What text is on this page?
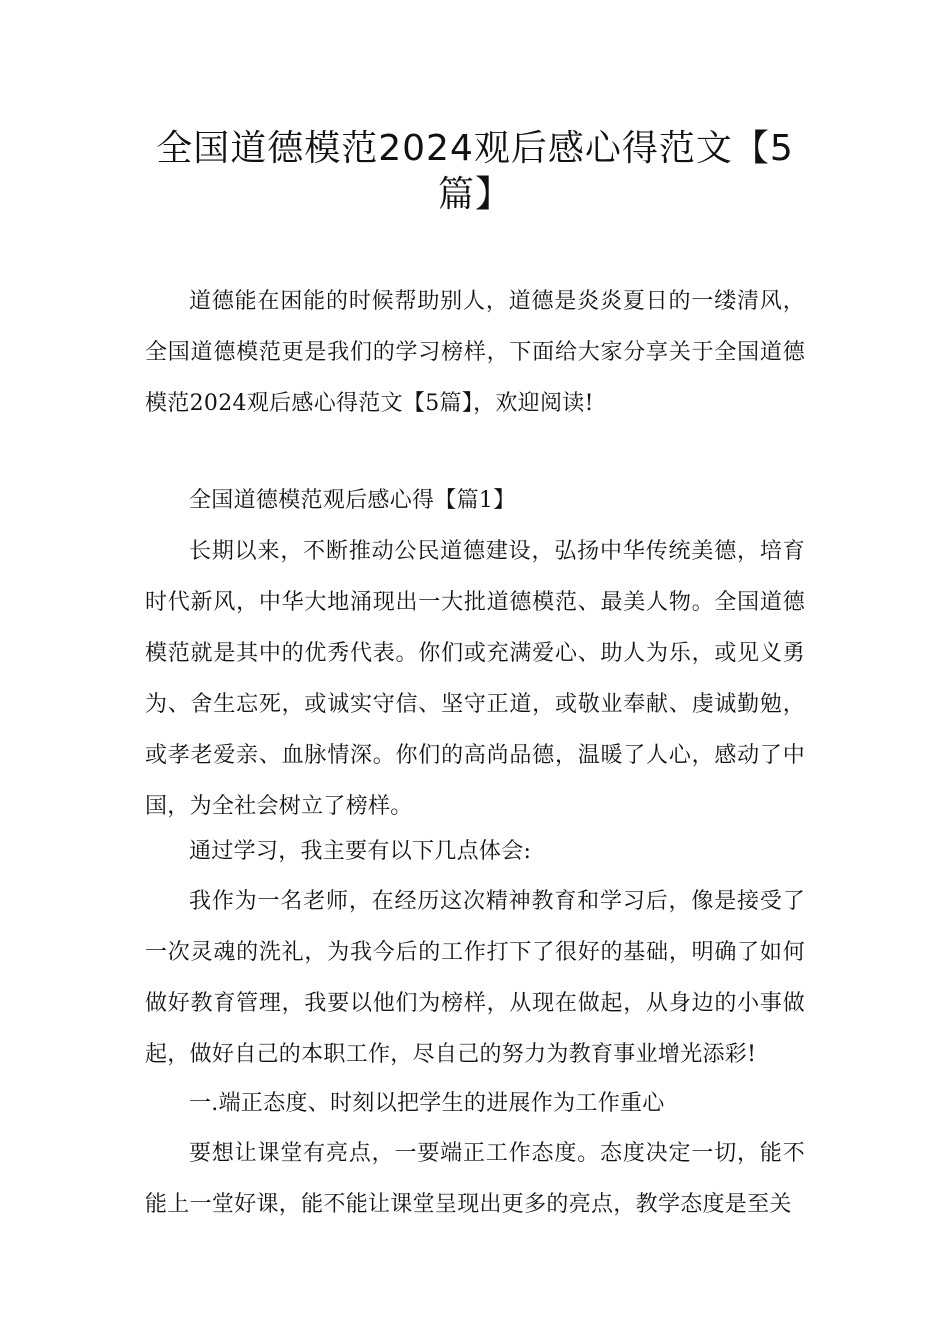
全国道德模范2024观后感心得范文【5篇】

道德能在困能的时候帮助别人，道德是炎炎夏日的一缕清风，全国道德模范更是我们的学习榜样，下面给大家分享关于全国道德模范2024观后感心得范文【5篇】，欢迎阅读!

全国道德模范观后感心得【篇1】

长期以来，不断推动公民道德建设，弘扬中华传统美德，培育时代新风，中华大地涌现出一大批道德模范、最美人物。全国道德模范就是其中的优秀代表。你们或充满爱心、助人为乐，或见义勇为、舍生忘死，或诚实守信、坚守正道，或敬业奉献、虔诚勤勉，或孝老爱亲、血脉情深。你们的高尚品德，温暖了人心，感动了中国，为全社会树立了榜样。

通过学习，我主要有以下几点体会:

我作为一名老师，在经历这次精神教育和学习后，像是接受了一次灵魂的洗礼，为我今后的工作打下了很好的基础，明确了如何做好教育管理，我要以他们为榜样，从现在做起，从身边的小事做起，做好自己的本职工作，尽自己的努力为教育事业增光添彩!

一.端正态度、时刻以把学生的进展作为工作重心

要想让课堂有亮点，一要端正工作态度。态度决定一切，能不能上一堂好课，能不能让课堂呈现出更多的亮点，教学态度是至关
